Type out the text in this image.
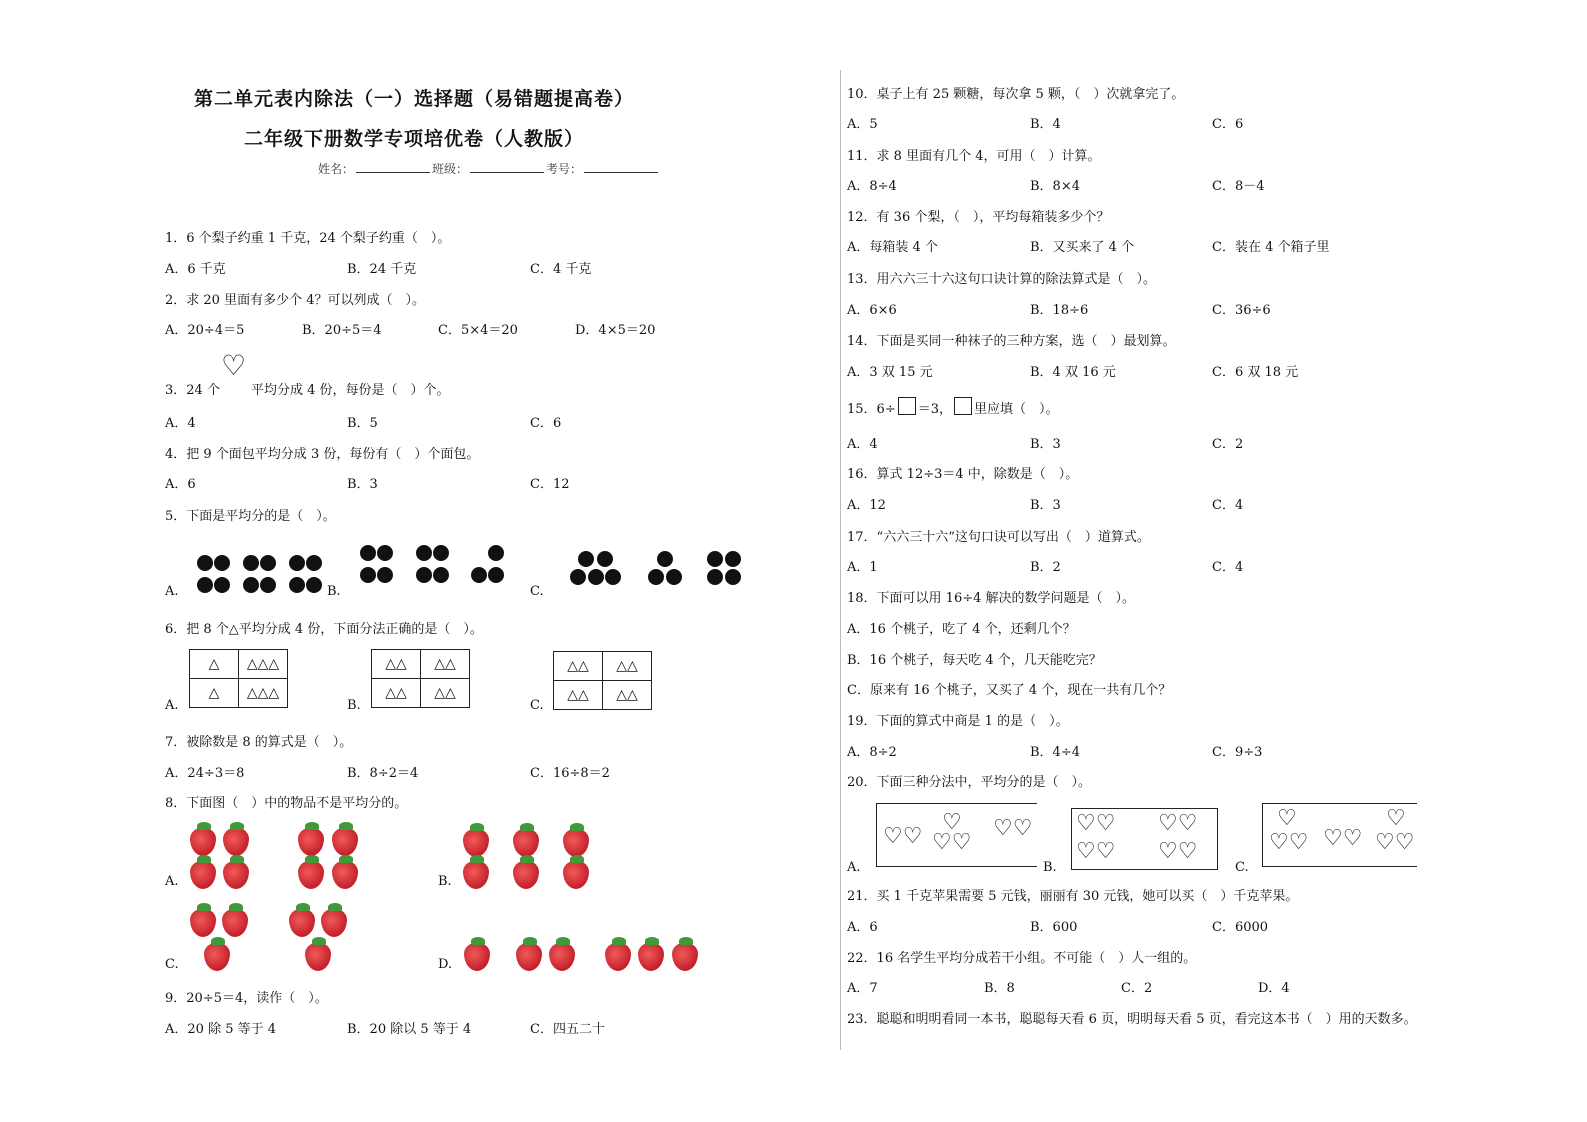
第二单元表内除法（一）选择题（易错题提高卷）
二年级下册数学专项培优卷（人教版）
姓名：	班级：	考号：
1．6 个梨子约重 1 千克，24 个梨子约重（　）。
A．6 千克	B．24 千克	C．4 千克
2．求 20 里面有多少个 4？可以列成（　）。
A．20÷4＝5	B．20÷5＝4	C．5×4＝20	D．4×5＝20
3．24 个
♡
平均分成 4 份，每份是（　）个。
A．4	B．5	C．6
4．把 9 个面包平均分成 3 份，每份有（　）个面包。
A．6	B．3	C．12
5．下面是平均分的是（　）。
A.	B.	C.
6．把 8 个△平均分成 4 份，下面分法正确的是（　）。
△	△△△
△	△△△
△△	△△
△△	△△
△△	△△
△△	△△
A.	B.	C.
7．被除数是 8 的算式是（　）。
A．24÷3＝8	B．8÷2＝4	C．16÷8＝2
8．下面图（　）中的物品不是平均分的。
A.	B.
C.	D.
9．20÷5＝4，读作（　）。
A．20 除 5 等于 4	B．20 除以 5 等于 4	C．四五二十
10．桌子上有 25 颗糖，每次拿 5 颗，（　）次就拿完了。
A．5	B．4	C．6
11．求 8 里面有几个 4，可用（　）计算。
A．8÷4	B．8×4	C．8－4
12．有 36 个梨，（　），平均每箱装多少个？
A．每箱装 4 个	B．又买来了 4 个	C．装在 4 个箱子里
13．用六六三十六这句口诀计算的除法算式是（　）。
A．6×6	B．18÷6	C．36÷6
14．下面是买同一种袜子的三种方案，选（　）最划算。
A．3 双 15 元	B．4 双 16 元	C．6 双 18 元
15．6÷ ＝3， 里应填（　）。
A．4	B．3	C．2
16．算式 12÷3＝4 中，除数是（　）。
A．12	B．3	C．4
17．“六六三十六”这句口诀可以写出（　）道算式。
A．1	B．2	C．4
18．下面可以用 16÷4 解决的数学问题是（　）。
A．16 个桃子，吃了 4 个，还剩几个？
B．16 个桃子，每天吃 4 个，几天能吃完？
C．原来有 16 个桃子，又买了 4 个，现在一共有几个？
19．下面的算式中商是 1 的是（　）。
A．8÷2	B．4÷4	C．9÷3
20．下面三种分法中，平均分的是（　）。
♡♡
♡
♡♡
♡♡ ♡♡
♡♡
♡♡
♡♡
♡
♡♡ ♡♡
♡
♡♡
A.	B.	C.
21．买 1 千克苹果需要 5 元钱，丽丽有 30 元钱，她可以买（　）千克苹果。
A．6	B．600	C．6000
22．16 名学生平均分成若干小组。不可能（　）人一组的。
A．7	B．8	C．2	D．4
23．聪聪和明明看同一本书，聪聪每天看 6 页，明明每天看 5 页，看完这本书（　）用的天数多。
